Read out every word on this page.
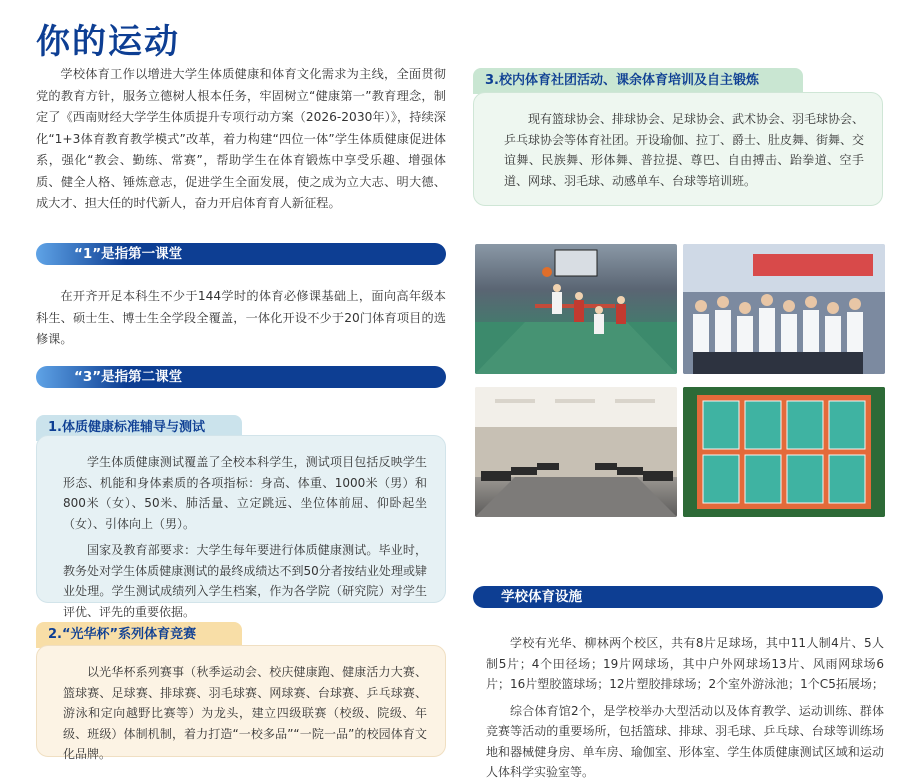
你的运动

学校体育工作以增进大学生体质健康和体育文化需求为主线，全面贯彻党的教育方针，服务立德树人根本任务，牢固树立“健康第一”教育理念，制定了《西南财经大学学生体质提升专项行动方案（2026-2030年）》，持续深化“1+3体育教育教学模式”改革，着力构建“四位一体”学生体质健康促进体系，强化“教会、勤练、常赛”，帮助学生在体育锻炼中享受乐趣、增强体质、健全人格、锤炼意志，促进学生全面发展，使之成为立大志、明大德、成大才、担大任的时代新人，奋力开启体育育人新征程。

“1”是指第一课堂

在开齐开足本科生不少于144学时的体育必修课基础上，面向高年级本科生、硕士生、博士生全学段全覆盖，一体化开设不少于20门体育项目的选修课。

“3”是指第二课堂
1.体质健康标准辅导与测试

学生体质健康测试覆盖了全校本科学生，测试项目包括反映学生形态、机能和身体素质的各项指标：身高、体重、1000米（男）和800米（女）、50米、肺活量、立定跳远、坐位体前屈、仰卧起坐（女）、引体向上（男）。

国家及教育部要求：大学生每年要进行体质健康测试。毕业时，教务处对学生体质健康测试的最终成绩达不到50分者按结业处理或肄业处理。学生测试成绩列入学生档案，作为各学院（研究院）对学生评优、评先的重要依据。

2.“光华杯”系列体育竞赛

以光华杯系列赛事（秋季运动会、校庆健康跑、健康活力大赛、篮球赛、足球赛、排球赛、羽毛球赛、网球赛、台球赛、乒乓球赛、游泳和定向越野比赛等）为龙头，建立四级联赛（校级、院级、年级、班级）体制机制，着力打造“一校多品”“一院一品”的校园体育文化品牌。

3.校内体育社团活动、课余体育培训及自主锻炼

现有篮球协会、排球协会、足球协会、武术协会、羽毛球协会、乒乓球协会等体育社团。开设瑜伽、拉丁、爵士、肚皮舞、街舞、交谊舞、民族舞、形体舞、普拉提、尊巴、自由搏击、跆拳道、空手道、网球、羽毛球、动感单车、台球等培训班。

学校体育设施

学校有光华、柳林两个校区，共有8片足球场，其中11人制4片、5人制5片；4个田径场；19片网球场，其中户外网球场13片、风雨网球场6片；16片塑胶篮球场；12片塑胶排球场；2个室外游泳池；1个C5拓展场；

综合体育馆2个，是学校举办大型活动以及体育教学、运动训练、群体竞赛等活动的重要场所，包括篮球、排球、羽毛球、乒乓球、台球等训练场地和器械健身房、单车房、瑜伽室、形体室、学生体质健康测试区域和运动人体科学实验室等。
